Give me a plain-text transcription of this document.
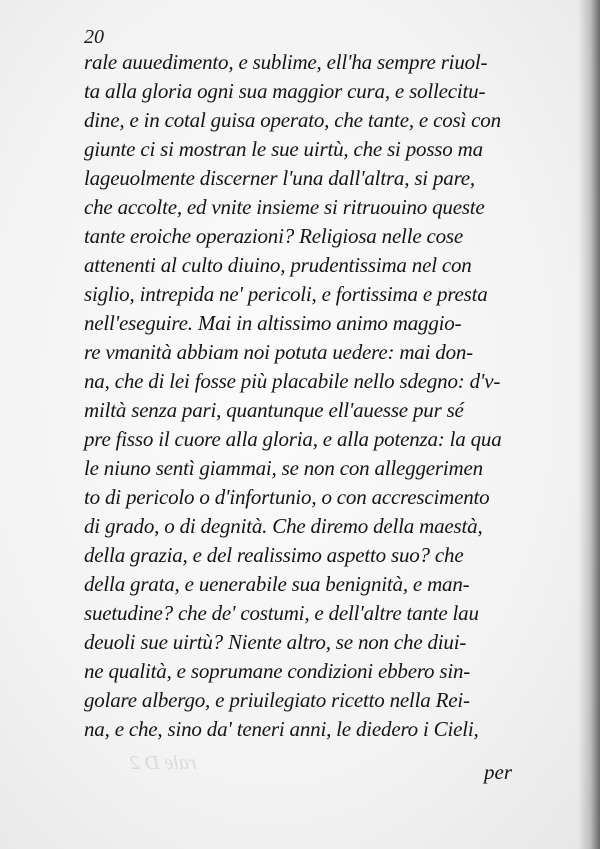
20
rale D 2
rale auuedimento, e sublime, ell'ha sempre riuol-
ta alla gloria ogni sua maggior cura, e sollecitu-
dine, e in cotal guisa operato, che tante, e così con
giunte ci si mostran le sue uirtù, che si posso ma
lageuolmente discerner l'una dall'altra, si pare,
che accolte, ed vnite insieme si ritruouino queste
tante eroiche operazioni? Religiosa nelle cose
attenenti al culto diuino, prudentissima nel con
siglio, intrepida ne' pericoli, e fortissima e presta
nell'eseguire. Mai in altissimo animo maggio-
re vmanità abbiam noi potuta uedere: mai don-
na, che di lei fosse più placabile nello sdegno: d'v-
miltà senza pari, quantunque ell'auesse pur sé
pre fisso il cuore alla gloria, e alla potenza: la qua
le niuno sentì giammai, se non con alleggerimen
to di pericolo o d'infortunio, o con accrescimento
di grado, o di degnità. Che diremo della maestà,
della grazia, e del realissimo aspetto suo? che
della grata, e uenerabile sua benignità, e man-
suetudine? che de' costumi, e dell'altre tante lau
deuoli sue uirtù? Niente altro, se non che diui-
ne qualità, e soprumane condizioni ebbero sin-
golare albergo, e priuilegiato ricetto nella Rei-
na, e che, sino da' teneri anni, le diedero i Cieli,
per
